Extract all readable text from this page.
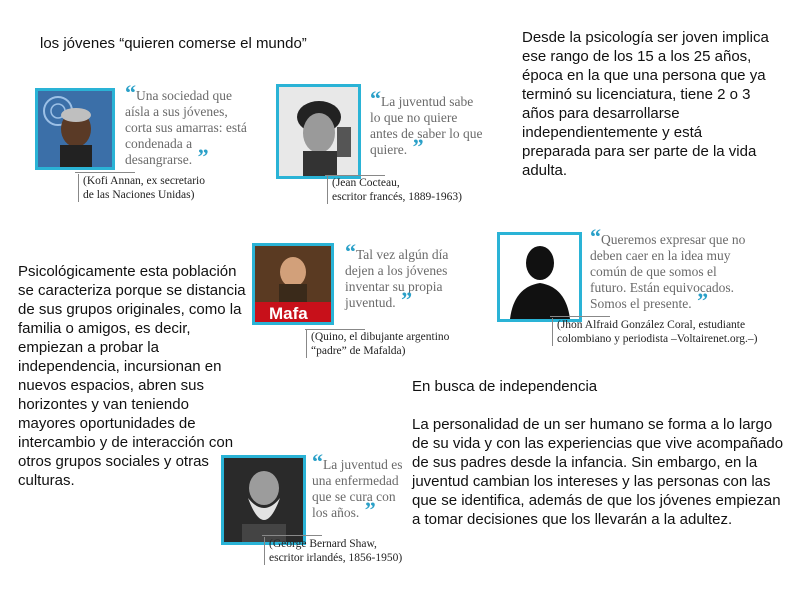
los jóvenes “quieren comerse el mundo”	Desde la psicología ser joven implica ese rango de los 15 a los 25 años, época en la que una persona que ya terminó su licenciatura, tiene 2 o 3 años para desarrollarse independientemente y está preparada para ser parte de la vida adulta.
Psicológicamente esta población se caracteriza porque se distancia de sus grupos originales, como la familia o amigos, es decir, empiezan a probar la independencia, incursionan en nuevos espacios, abren sus horizontes y van teniendo mayores oportunidades de intercambio y de interacción con otros grupos sociales y otras culturas.
En busca de independencia
La personalidad de un ser humano se forma a lo largo de su vida y con las experiencias que vive acompañado de sus padres desde la infancia. Sin embargo, en la juventud cambian los intereses y las personas con las que se identifica, además de que los jóvenes empiezan a tomar decisiones que los llevarán a la adultez.
“Una sociedad que aísla a sus jóvenes, corta sus amarras: está condenada a desangrarse. ”
(Kofi Annan, ex secretario
de las Naciones Unidas)
“La juventud sabe lo que no quiere antes de saber lo que quiere. ”
(Jean Cocteau,
escritor francés, 1889-1963)
Mafa
“Tal vez algún día dejen a los jóvenes inventar su propia juventud. ”
(Quino, el dibujante argentino
“padre” de Mafalda)
“Queremos expresar que no deben caer en la idea muy común de que somos el futuro. Están equivocados. Somos el presente. ”
(Jhon Alfraid González Coral, estudiante
colombiano y periodista –Voltairenet.org.–)
“La juventud es una enfermedad que se cura con los años. ”
(George Bernard Shaw,
escritor irlandés, 1856-1950)
